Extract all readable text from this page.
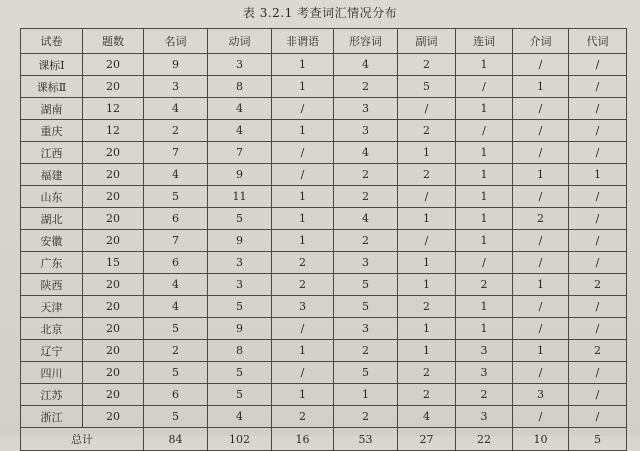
表 3.2.1 考查词汇情况分布
试卷	题数	名词	动词	非谓语	形容词	副词	连词	介词	代词
课标Ⅰ	20	9	3	1	4	2	1	/	/
课标Ⅱ	20	3	8	1	2	5	/	1	/
湖南	12	4	4	/	3	/	1	/	/
重庆	12	2	4	1	3	2	/	/	/
江西	20	7	7	/	4	1	1	/	/
福建	20	4	9	/	2	2	1	1	1
山东	20	5	11	1	2	/	1	/	/
湖北	20	6	5	1	4	1	1	2	/
安徽	20	7	9	1	2	/	1	/	/
广东	15	6	3	2	3	1	/	/	/
陕西	20	4	3	2	5	1	2	1	2
天津	20	4	5	3	5	2	1	/	/
北京	20	5	9	/	3	1	1	/	/
辽宁	20	2	8	1	2	1	3	1	2
四川	20	5	5	/	5	2	3	/	/
江苏	20	6	5	1	1	2	2	3	/
浙江	20	5	4	2	2	4	3	/	/
总计		84	102	16	53	27	22	10	5
